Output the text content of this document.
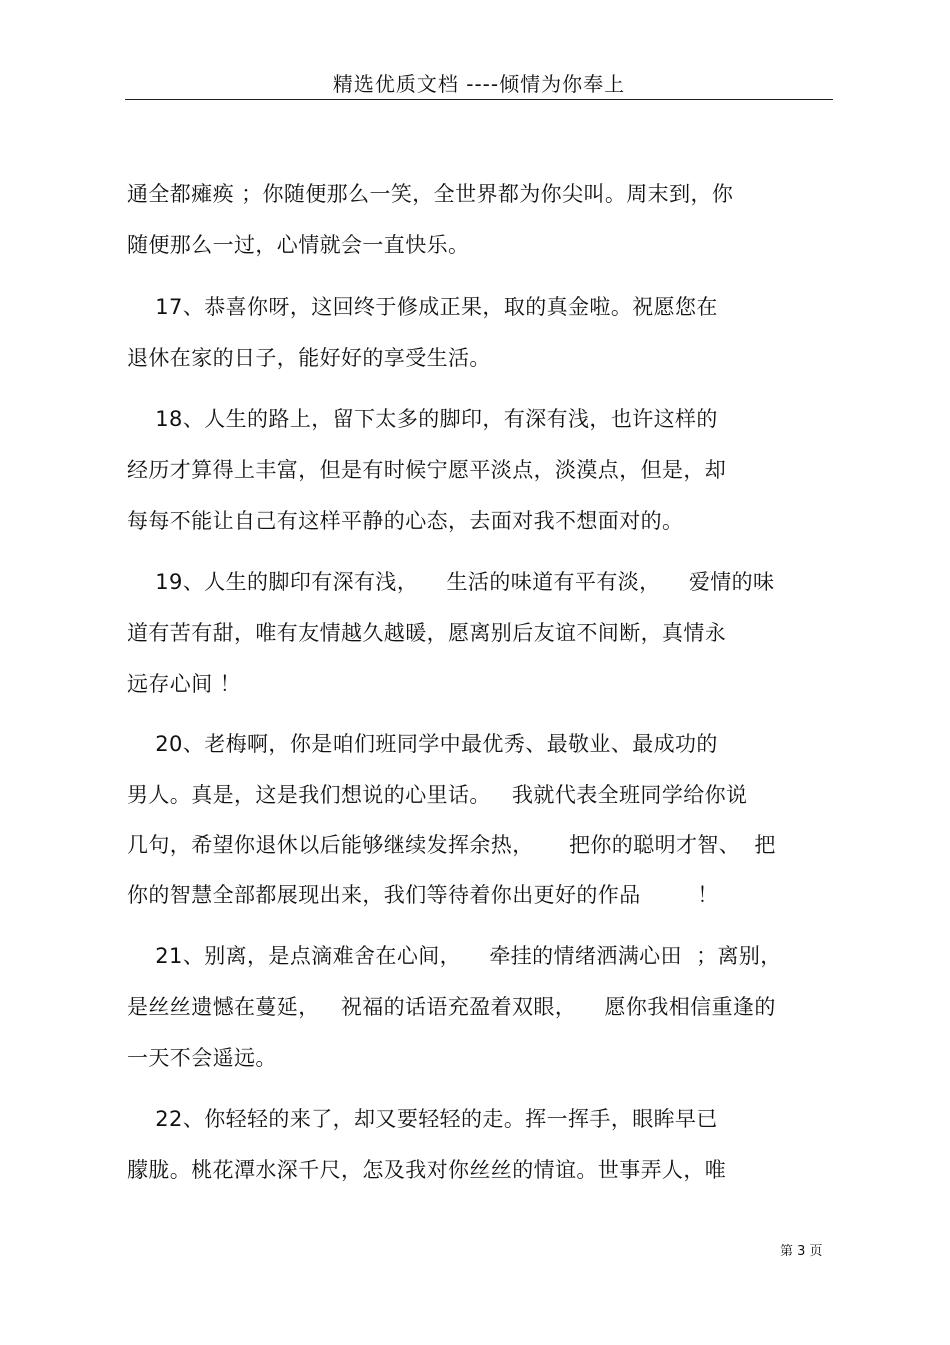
精选优质文档 ----倾情为你奉上
通全都瘫痪 ；你随便那么一笑，全世界都为你尖叫。周末到，你
随便那么一过，心情就会一直快乐。
17、恭喜你呀，这回终于修成正果，取的真金啦。祝愿您在
退休在家的日子，能好好的享受生活。
18、人生的路上，留下太多的脚印，有深有浅，也许这样的
经历才算得上丰富，但是有时候宁愿平淡点，淡漠点，但是，却
每每不能让自己有这样平静的心态，去面对我不想面对的。
19、人生的脚印有深有浅，    生活的味道有平有淡，    爱情的味
道有苦有甜，唯有友情越久越暖，愿离别后友谊不间断，真情永
远存心间 ！
20、老梅啊，你是咱们班同学中最优秀、最敬业、最成功的
男人。真是，这是我们想说的心里话。   我就代表全班同学给你说
几句，希望你退休以后能够继续发挥余热，     把你的聪明才智、  把
你的智慧全部都展现出来，我们等待着你出更好的作品        ！
21、别离，是点滴难舍在心间，    牵挂的情绪洒满心田  ；离别，
是丝丝遗憾在蔓延，   祝福的话语充盈着双眼，    愿你我相信重逢的
一天不会遥远。
22、你轻轻的来了，却又要轻轻的走。挥一挥手，眼眸早已
朦胧。桃花潭水深千尺，怎及我对你丝丝的情谊。世事弄人，唯
第 3 页
